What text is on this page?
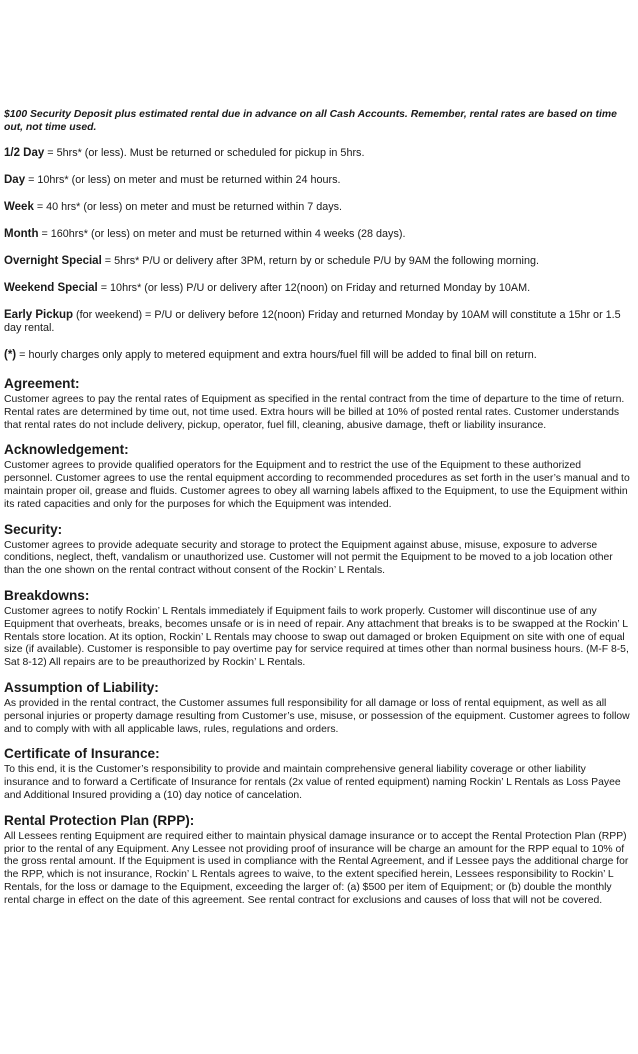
$100 Security Deposit plus estimated rental due in advance on all Cash Accounts. Remember, rental rates are based on time out, not time used.

1/2 Day = 5hrs* (or less). Must be returned or scheduled for pickup in 5hrs.

Day = 10hrs* (or less) on meter and must be returned within 24 hours.

Week = 40 hrs* (or less) on meter and must be returned within 7 days.

Month = 160hrs* (or less) on meter and must be returned within 4 weeks (28 days).

Overnight Special = 5hrs* P/U or delivery after 3PM, return by or schedule P/U by 9AM the following morning.

Weekend Special = 10hrs* (or less) P/U or delivery after 12(noon) on Friday and returned Monday by 10AM.

Early Pickup (for weekend) = P/U or delivery before 12(noon) Friday and returned Monday by 10AM will constitute a 15hr or 1.5 day rental.

(*) = hourly charges only apply to metered equipment and extra hours/fuel fill will be added to final bill on return.

Agreement:

Customer agrees to pay the rental rates of Equipment as specified in the rental contract from the time of departure to the time of return. Rental rates are determined by time out, not time used. Extra hours will be billed at 10% of posted rental rates. Customer understands that rental rates do not include delivery, pickup, operator, fuel fill, cleaning, abusive damage, theft or liability insurance.

Acknowledgement:

Customer agrees to provide qualified operators for the Equipment and to restrict the use of the Equipment to these authorized personnel. Customer agrees to use the rental equipment according to recommended procedures as set forth in the user’s manual and to maintain proper oil, grease and fluids. Customer agrees to obey all warning labels affixed to the Equipment, to use the Equipment within its rated capacities and only for the purposes for which the Equipment was intended.

Security:

Customer agrees to provide adequate security and storage to protect the Equipment against abuse, misuse, exposure to adverse conditions, neglect, theft, vandalism or unauthorized use. Customer will not permit the Equipment to be moved to a job location other than the one shown on the rental contract without consent of the Rockin’ L Rentals.

Breakdowns:

Customer agrees to notify Rockin’ L Rentals immediately if Equipment fails to work properly. Customer will discontinue use of any Equipment that overheats, breaks, becomes unsafe or is in need of repair. Any attachment that breaks is to be swapped at the Rockin’ L Rentals store location. At its option, Rockin’ L Rentals may choose to swap out damaged or broken Equipment on site with one of equal size (if available). Customer is responsible to pay overtime pay for service required at times other than normal business hours. (M-F 8-5, Sat 8-12) All repairs are to be preauthorized by Rockin’ L Rentals.

Assumption of Liability:

As provided in the rental contract, the Customer assumes full responsibility for all damage or loss of rental equipment, as well as all personal injuries or property damage resulting from Customer’s use, misuse, or possession of the equipment. Customer agrees to follow and to comply with with all applicable laws, rules, regulations and orders.

Certificate of Insurance:

To this end, it is the Customer’s responsibility to provide and maintain comprehensive general liability coverage or other liability insurance and to forward a Certificate of Insurance for rentals (2x value of rented equipment) naming Rockin’ L Rentals as Loss Payee and Additional Insured providing a (10) day notice of cancelation.

Rental Protection Plan (RPP):

All Lessees renting Equipment are required either to maintain physical damage insurance or to accept the Rental Protection Plan (RPP) prior to the rental of any Equipment. Any Lessee not providing proof of insurance will be charge an amount for the RPP equal to 10% of the gross rental amount. If the Equipment is used in compliance with the Rental Agreement, and if Lessee pays the additional charge for the RPP, which is not insurance, Rockin’ L Rentals agrees to waive, to the extent specified herein, Lessees responsibility to Rockin’ L Rentals, for the loss or damage to the Equipment, exceeding the larger of: (a) $500 per item of Equipment; or (b) double the monthly rental charge in effect on the date of this agreement. See rental contract for exclusions and causes of loss that will not be covered.
